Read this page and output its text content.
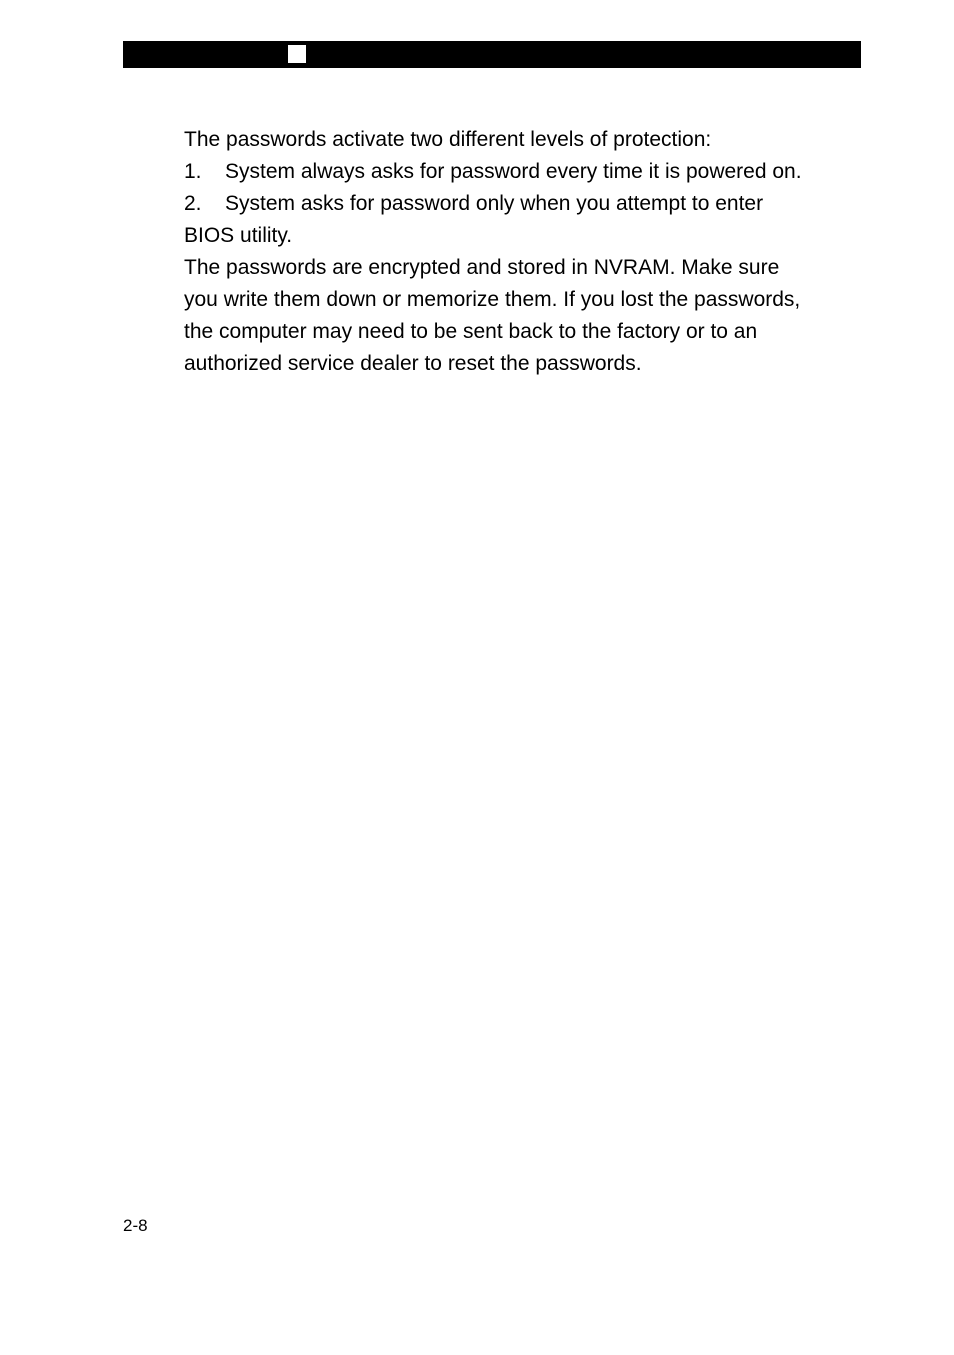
The passwords activate two different levels of protection:

1.	System always asks for password every time it is powered on.
2.	System asks for password only when you attempt to enter

BIOS utility.

The passwords are encrypted and stored in NVRAM. Make sure

you write them down or memorize them. If you lost the passwords,

the computer may need to be sent back to the factory or to an

authorized service dealer to reset the passwords.

2-8
